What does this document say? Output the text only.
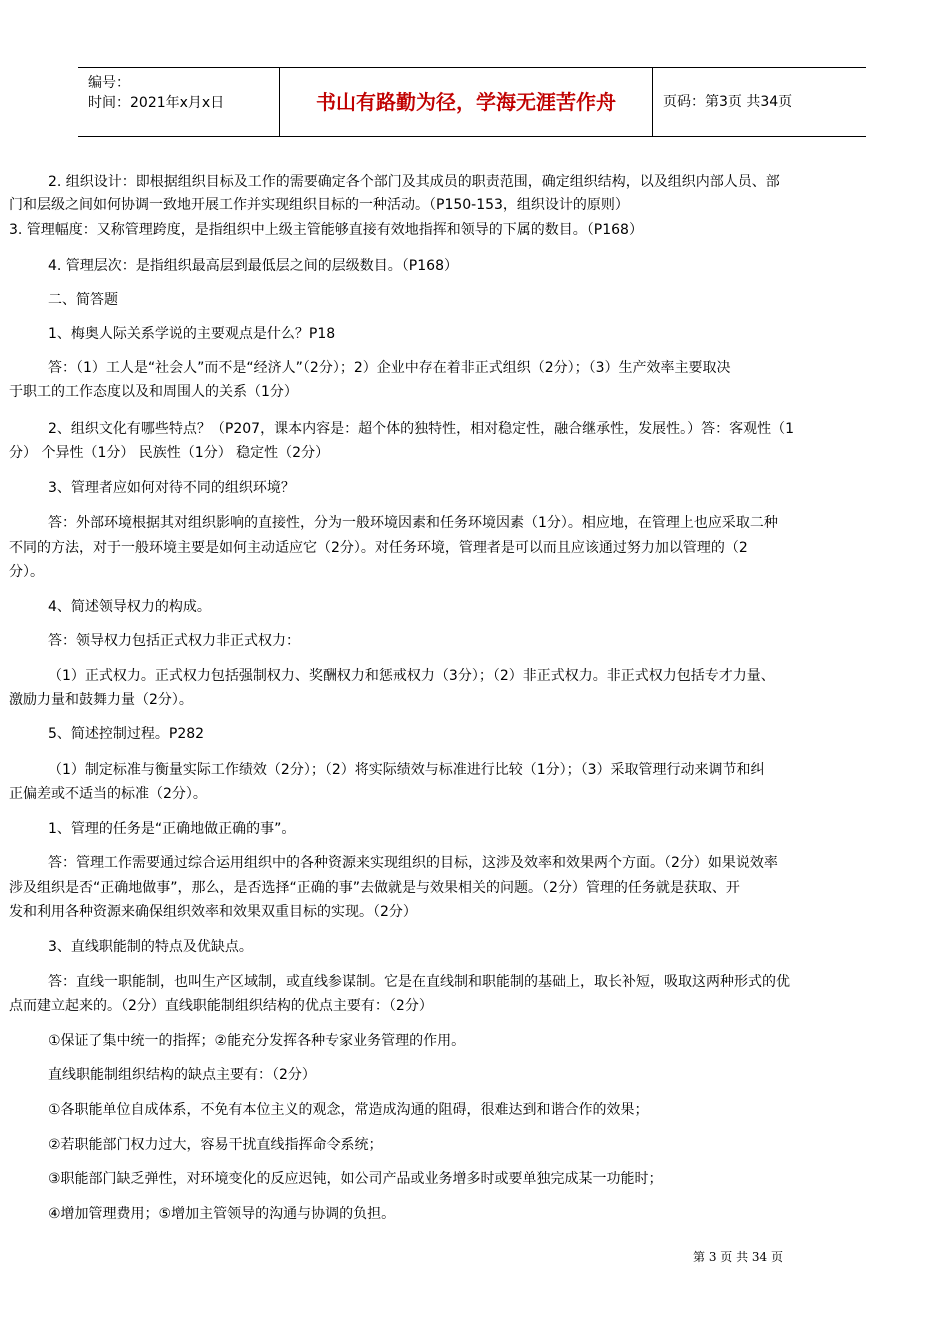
编号：
时间：2021年x月x日	书山有路勤为径，学海无涯苦作舟	页码：第3页 共34页
2. 组织设计：即根据组织目标及工作的需要确定各个部门及其成员的职责范围，确定组织结构，以及组织内部人员、部
门和层级之间如何协调一致地开展工作并实现组织目标的一种活动。（P150-153，组织设计的原则）
3. 管理幅度：又称管理跨度，是指组织中上级主管能够直接有效地指挥和领导的下属的数目。（P168）
4. 管理层次：是指组织最高层到最低层之间的层级数目。（P168）
二、简答题
1、梅奥人际关系学说的主要观点是什么？P18
答：（1）工人是“社会人”而不是“经济人”（2分）；2）企业中存在着非正式组织（2分）；（3）生产效率主要取决
于职工的工作态度以及和周围人的关系（1分）
2、组织文化有哪些特点？（P207，课本内容是：超个体的独特性，相对稳定性，融合继承性，发展性。）答：客观性（1
分） 个异性（1分） 民族性（1分） 稳定性（2分）
3、管理者应如何对待不同的组织环境？
答：外部环境根据其对组织影响的直接性，分为一般环境因素和任务环境因素（1分）。相应地，在管理上也应采取二种
不同的方法，对于一般环境主要是如何主动适应它（2分）。对任务环境，管理者是可以而且应该通过努力加以管理的（2
分）。
4、简述领导权力的构成。
答：领导权力包括正式权力非正式权力：
（1）正式权力。正式权力包括强制权力、奖酬权力和惩戒权力（3分）；（2）非正式权力。非正式权力包括专才力量、
激励力量和鼓舞力量（2分）。
5、简述控制过程。P282
（1）制定标准与衡量实际工作绩效（2分）；（2）将实际绩效与标准进行比较（1分）；（3）采取管理行动来调节和纠
正偏差或不适当的标准（2分）。
1、管理的任务是“正确地做正确的事”。
答：管理工作需要通过综合运用组织中的各种资源来实现组织的目标，这涉及效率和效果两个方面。（2分）如果说效率
涉及组织是否“正确地做事”，那么，是否选择“正确的事”去做就是与效果相关的问题。（2分）管理的任务就是获取、开
发和利用各种资源来确保组织效率和效果双重目标的实现。（2分）
3、直线职能制的特点及优缺点。
答：直线一职能制，也叫生产区域制，或直线参谋制。它是在直线制和职能制的基础上，取长补短，吸取这两种形式的优
点而建立起来的。（2分）直线职能制组织结构的优点主要有：（2分）
①保证了集中统一的指挥；②能充分发挥各种专家业务管理的作用。
直线职能制组织结构的缺点主要有：（2分）
①各职能单位自成体系，不免有本位主义的观念，常造成沟通的阻碍，很难达到和谐合作的效果；
②若职能部门权力过大，容易干扰直线指挥命令系统；
③职能部门缺乏弹性，对环境变化的反应迟钝，如公司产品或业务增多时或要单独完成某一功能时；
④增加管理费用；⑤增加主管领导的沟通与协调的负担。
第 3 页 共 34 页
